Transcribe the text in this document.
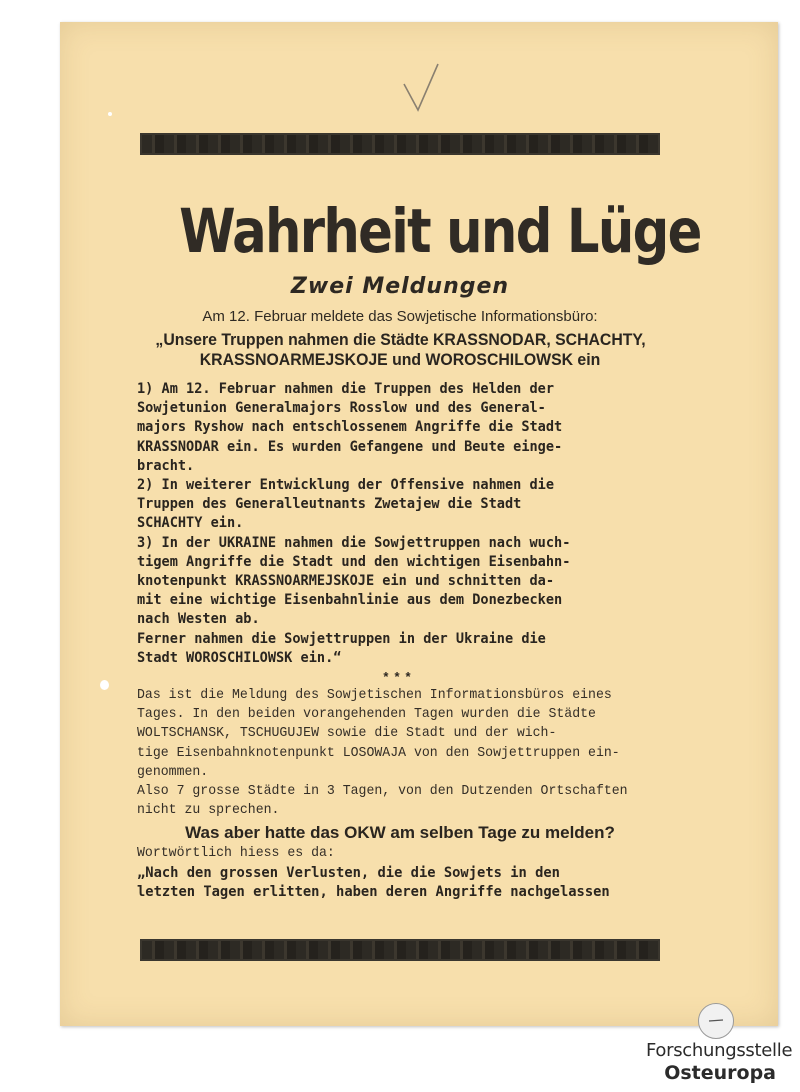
Wahrheit und Lüge
Zwei Meldungen
Am 12. Februar meldete das Sowjetische Informationsbüro:
„Unsere Truppen nahmen die Städte KRASSNODAR, SCHACHTY,
KRASSNOARMEJSKOJE und WOROSCHILOWSK ein
1) Am 12. Februar nahmen die Truppen des Helden der
Sowjetunion Generalmajors Rosslow und des General-
majors Ryshow nach entschlossenem Angriffe die Stadt
KRASSNODAR ein. Es wurden Gefangene und Beute einge-
bracht.
2) In weiterer Entwicklung der Offensive nahmen die
Truppen des Generalleutnants Zwetajew die Stadt
SCHACHTY ein.
3) In der UKRAINE nahmen die Sowjettruppen nach wuch-
tigem Angriffe die Stadt und den wichtigen Eisenbahn-
knotenpunkt KRASSNOARMEJSKOJE ein und schnitten da-
mit eine wichtige Eisenbahnlinie aus dem Donezbecken
nach Westen ab.
Ferner nahmen die Sowjettruppen in der Ukraine die
Stadt WOROSCHILOWSK ein.“
***
Das ist die Meldung des Sowjetischen Informationsbüros eines
Tages. In den beiden vorangehenden Tagen wurden die Städte
WOLTSCHANSK, TSCHUGUJEW sowie die Stadt und der wich-
tige Eisenbahnknotenpunkt LOSOWAJA von den Sowjettruppen ein-
genommen.
Also 7 grosse Städte in 3 Tagen, von den Dutzenden Ortschaften
nicht zu sprechen.
Was aber hatte das OKW am selben Tage zu melden?
Wortwörtlich hiess es da:
„Nach den grossen Verlusten, die die Sowjets in den
letzten Tagen erlitten, haben deren Angriffe nachgelassen
Forschungsstelle
Osteuropa
